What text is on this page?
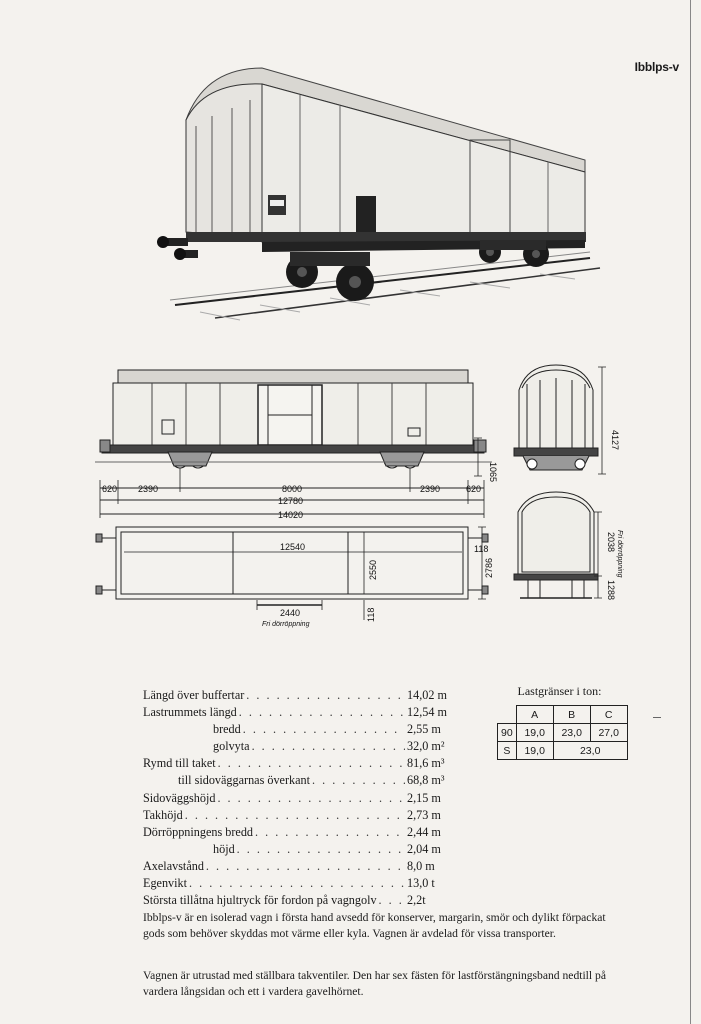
Ibblps-v
620 2390	8000	2390	620
12780
14020
1065
12540
2550
118
2786
118
2440
Fri dörröppning
4127
2038 Fri dörröppning
1288
Längd över buffertar . . .	14,02 m
Lastrummets längd . . .	12,54 m
bredd . . .	2,55 m
golvyta . . .	32,0 m²
Rymd till taket . . .	81,6 m³
till sidoväggarnas överkant . . .	68,8 m³
Sidoväggshöjd . . .	2,15 m
Takhöjd . . .	2,73 m
Dörröppningens bredd . . .	2,44 m
höjd . . .	2,04 m
Axelavstånd . . .	8,0 m
Egenvikt . . .	13,0 t
Största tillåtna hjultryck för fordon på vagngolv . . . 2,2t
Lastgränser i ton:
	A	B	C
90	19,0	23,0	27,0
S	19,0	23,0	

Ibblps-v är en isolerad vagn i första hand avsedd för konserver, margarin, smör och dylikt förpackat gods som behöver skyddas mot värme eller kyla. Vagnen är avdelad för vissa transporter.

Vagnen är utrustad med ställbara takventiler. Den har sex fästen för lastförstängningsband nedtill på vardera långsidan och ett i vardera gavelhörnet.
